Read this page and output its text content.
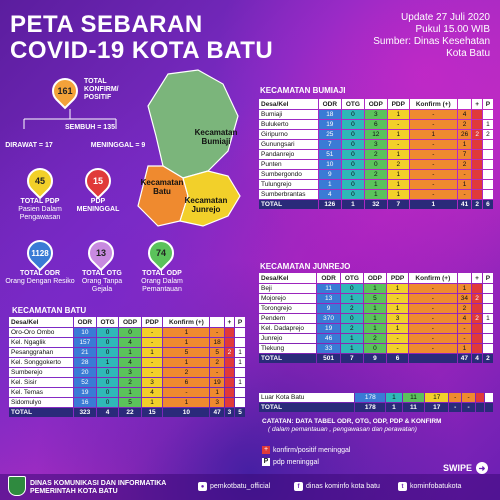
PETA SEBARAN
COVID-19 KOTA BATU
Update 27 Juli 2020
Pukul 15.00 WIB
Sumber: Dinas Kesehatan
Kota Batu
161
TOTAL KONFIRM/ POSITIF
SEMBUH = 135
DIRAWAT = 17	MENINGGAL = 9
45
TOTAL PDP
Pasien Dalam Pengawasan
15
PDP MENINGGAL
1128
TOTAL ODR
Orang Dengan Resiko
13
TOTAL OTG
Orang Tanpa Gejala
74
TOTAL ODP
Orang Dalam Pemantauan
Kecamatan Bumiaji
Kecamatan Batu
Kecamatan Junrejo
KECAMATAN BUMIAJI
Desa/Kel	ODR	OTG	ODP	PDP	Konfirm (+)		+	P
Bumiaji	18	0	3	1	-	4		
Bulukerto	19	0	6	-	-	2		1
Giripurno	25	0	12	1	1	26	2	2
Gunungsari	7	0	3	-	-	1		
Pandanrejo	51	0	2	1	-	7		
Punten	10	0	0	2	-	2		
Sumbergondo	9	0	2	1	-	-		
Tulungrejo	1	0	1	1	-	1		
Sumberbrantas	4	0	1	1	-	-		
TOTAL	126	1	32	7	1	41	2	6
KECAMATAN JUNREJO
Desa/Kel	ODR	OTG	ODP	PDP	Konfirm (+)		+	P
Beji	11	0	1	1	-	1		
Mojorejo	13	1	5	-	-	34	2	
Torongrejo	9	2	1	1	-	2		
Pendem	370	0	1	3	-	4	2	1
Kel. Dadaprejo	19	2	1	1	-	-		
Junrejo	46	1	2	-	-	-		
Tlekung	33	1	0	-	-	1		
TOTAL	501	7	9	6		47	4	2
Luar Kota Batu	178	1	11	17	-	-		
TOTAL	178	1	11	17	-	-		
KECAMATAN BATU
Desa/Kel	ODR	OTG	ODP	PDP	Konfirm (+)		+	P
Oro-Oro Ombo	10	0	0	-	1	-		
Kel. Ngaglik	157	0	4	-	1	18		
Pesanggrahan	21	0	1	1	5	5	2	1
Kel. Songgokerto	28	1	4	-	1	2		1
Sumberejo	20	0	3	-	2	-		
Kel. Sisir	52	0	2	3	6	19		1
Kel. Temas	19	0	1	4	-	1		
Sidomulyo	16	0	5	1	1	3		
TOTAL	323	4	22	15	10	47	3	5
CATATAN: DATA TABEL ODR, OTG, ODP, PDP & KONFIRM
( dalam pemantauan , pengawasan dan perawatan)
+ konfirm/positif meninggal
P pdp meninggal
SWIPE ➜
DINAS KOMUNIKASI DAN INFORMATIKA
PEMERINTAH KOTA BATU
● pemkotbatu_official	f dinas kominfo kota batu	t kominfobatukota
